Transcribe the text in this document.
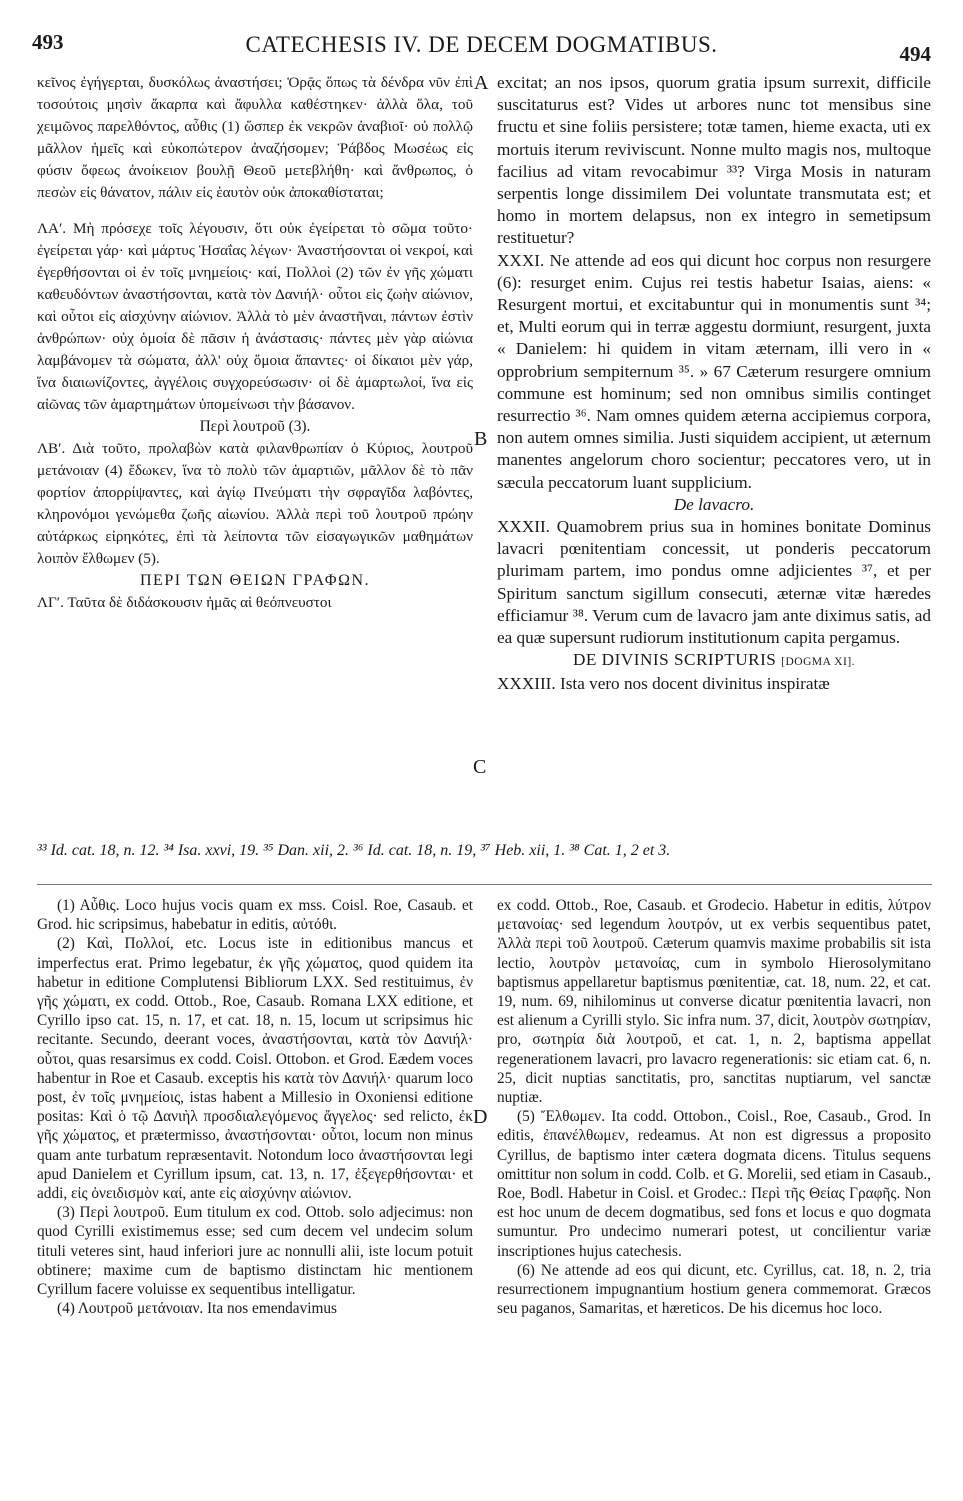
493	CATECHESIS IV. DE DECEM DOGMATIBUS.	494
A
B
C
D

κεῖνος ἐγήγερται, δυσκόλως ἀναστήσει; Ὁρᾷς ὅπως τὰ δένδρα νῦν ἐπὶ τοσούτοις μησὶν ἄκαρπα καὶ ἄφυλλα καθέστηκεν· ἀλλὰ ὅλα, τοῦ χειμῶνος παρελθόντος, αὖθις (1) ὥσπερ ἐκ νεκρῶν ἀναβιοῖ· οὐ πολλῷ μᾶλλον ἡμεῖς καὶ εὐκοπώτερον ἀναζήσομεν; Ῥάβδος Μωσέως εἰς φύσιν ὄφεως ἀνοίκειον βουλῇ Θεοῦ μετεβλήθη· καὶ ἄνθρωπος, ὁ πεσὼν εἰς θάνατον, πάλιν εἰς ἑαυτὸν οὐκ ἀποκαθίσταται;

ΛΑʹ. Μὴ πρόσεχε τοῖς λέγουσιν, ὅτι οὐκ ἐγείρεται τὸ σῶμα τοῦτο· ἐγείρεται γάρ· καὶ μάρτυς Ἡσαΐας λέγων· Ἀναστήσονται οἱ νεκροί, καὶ ἐγερθήσονται οἱ ἐν τοῖς μνημείοις· καί, Πολλοὶ (2) τῶν ἐν γῆς χώματι καθευδόντων ἀναστήσονται, κατὰ τὸν Δανιήλ· οὗτοι εἰς ζωὴν αἰώνιον, καὶ οὗτοι εἰς αἰσχύνην αἰώνιον. Ἀλλὰ τὸ μὲν ἀναστῆναι, πάντων ἐστὶν ἀνθρώπων· οὐχ ὁμοία δὲ πᾶσιν ἡ ἀνάστασις· πάντες μὲν γὰρ αἰώνια λαμβάνομεν τὰ σώματα, ἀλλ' οὐχ ὅμοια ἅπαντες· οἱ δίκαιοι μὲν γάρ, ἵνα διαιωνίζοντες, ἀγγέλοις συγχορεύσωσιν· οἱ δὲ ἁμαρτωλοί, ἵνα εἰς αἰῶνας τῶν ἁμαρτημάτων ὑπομείνωσι τὴν βάσανον.

Περὶ λουτροῦ (3).

ΛΒʹ. Διὰ τοῦτο, προλαβὼν κατὰ φιλανθρωπίαν ὁ Κύριος, λουτροῦ μετάνοιαν (4) ἔδωκεν, ἵνα τὸ πολὺ τῶν ἁμαρτιῶν, μᾶλλον δὲ τὸ πᾶν φορτίον ἀπορρίψαντες, καὶ ἁγίῳ Πνεύματι τὴν σφραγῖδα λαβόντες, κληρονόμοι γενώμεθα ζωῆς αἰωνίου. Ἀλλὰ περὶ τοῦ λουτροῦ πρώην αὐτάρκως εἰρηκότες, ἐπὶ τὰ λείποντα τῶν εἰσαγωγικῶν μαθημάτων λοιπὸν ἔλθωμεν (5).

ΠΕΡΙ ΤΩΝ ΘΕΙΩΝ ΓΡΑΦΩΝ.

ΛΓʹ. Ταῦτα δὲ διδάσκουσιν ἡμᾶς αἱ θεόπνευστοι

excitat; an nos ipsos, quorum gratia ipsum surrexit, difficile suscitaturus est? Vides ut arbores nunc tot mensibus sine fructu et sine foliis persistere; totæ tamen, hieme exacta, uti ex mortuis iterum reviviscunt. Nonne multo magis nos, multoque facilius ad vitam revocabimur ³³? Virga Mosis in naturam serpentis longe dissimilem Dei voluntate transmutata est; et homo in mortem delapsus, non ex integro in semetipsum restituetur?

XXXI. Ne attende ad eos qui dicunt hoc corpus non resurgere (6): resurget enim. Cujus rei testis habetur Isaias, aiens: « Resurgent mortui, et excitabuntur qui in monumentis sunt ³⁴; et, Multi eorum qui in terræ aggestu dormiunt, resurgent, juxta « Danielem: hi quidem in vitam æternam, illi vero in « opprobrium sempiternum ³⁵. » 67 Cæterum resurgere omnium commune est hominum; sed non omnibus similis continget resurrectio ³⁶. Nam omnes quidem æterna accipiemus corpora, non autem omnes similia. Justi siquidem accipient, ut æternum manentes angelorum choro socientur; peccatores vero, ut in sæcula peccatorum luant supplicium.

De lavacro.

XXXII. Quamobrem prius sua in homines bonitate Dominus lavacri pœnitentiam concessit, ut ponderis peccatorum plurimam partem, imo pondus omne adjicientes ³⁷, et per Spiritum sanctum sigillum consecuti, æternæ vitæ hæredes efficiamur ³⁸. Verum cum de lavacro jam ante diximus satis, ad ea quæ supersunt rudiorum institutionum capita pergamus.

DE DIVINIS SCRIPTURIS [DOGMA XI].

XXXIII. Ista vero nos docent divinitus inspiratæ

³³ Id. cat. 18, n. 12. ³⁴ Isa. xxvi, 19. ³⁵ Dan. xii, 2. ³⁶ Id. cat. 18, n. 19, ³⁷ Heb. xii, 1. ³⁸ Cat. 1, 2 et 3.

(1) Αὖθις. Loco hujus vocis quam ex mss. Coisl. Roe, Casaub. et Grod. hic scripsimus, habebatur in editis, αὐτόθι.

(2) Καὶ, Πολλοί, etc. Locus iste in editionibus mancus et imperfectus erat. Primo legebatur, ἐκ γῆς χώματος, quod quidem ita habetur in editione Complutensi Bibliorum LXX. Sed restituimus, ἐν γῆς χώματι, ex codd. Ottob., Roe, Casaub. Romana LXX editione, et Cyrillo ipso cat. 15, n. 17, et cat. 18, n. 15, locum ut scripsimus hic recitante. Secundo, deerant voces, ἀναστήσονται, κατὰ τὸν Δανιήλ· οὗτοι, quas resarsimus ex codd. Coisl. Ottobon. et Grod. Eædem voces habentur in Roe et Casaub. exceptis his κατὰ τὸν Δανιήλ· quarum loco post, ἐν τοῖς μνημείοις, istas habent a Millesio in Oxoniensi editione positas: Καὶ ὁ τῷ Δανιὴλ προσδιαλεγόμενος ἄγγελος· sed relicto, ἐκ γῆς χώματος, et prætermisso, ἀναστήσονται· οὗτοι, locum non minus quam ante turbatum repræsentavit. Notondum loco ἀναστήσονται legi apud Danielem et Cyrillum ipsum, cat. 13, n. 17, ἐξεγερθήσονται· et addi, εἰς ὀνειδισμὸν καί, ante εἰς αἰσχύνην αἰώνιον.

(3) Περὶ λουτροῦ. Eum titulum ex cod. Ottob. solo adjecimus: non quod Cyrilli existimemus esse; sed cum decem vel undecim solum tituli veteres sint, haud inferiori jure ac nonnulli alii, iste locum potuit obtinere; maxime cum de baptismo distinctam hic mentionem Cyrillum facere voluisse ex sequentibus intelligatur.

(4) Λουτροῦ μετάνοιαν. Ita nos emendavimus

ex codd. Ottob., Roe, Casaub. et Grodecio. Habetur in editis, λύτρον μετανοίας· sed legendum λουτρόν, ut ex verbis sequentibus patet, Ἀλλὰ περὶ τοῦ λουτροῦ. Cæterum quamvis maxime probabilis sit ista lectio, λουτρὸν μετανοίας, cum in symbolo Hierosolymitano baptismus appellaretur baptismus pœnitentiæ, cat. 18, num. 22, et cat. 19, num. 69, nihilominus ut converse dicatur pœnitentia lavacri, non est alienum a Cyrilli stylo. Sic infra num. 37, dicit, λουτρὸν σωτηρίαν, pro, σωτηρία διὰ λουτροῦ, et cat. 1, n. 2, baptisma appellat regenerationem lavacri, pro lavacro regenerationis: sic etiam cat. 6, n. 25, dicit nuptias sanctitatis, pro, sanctitas nuptiarum, vel sanctæ nuptiæ.

(5) Ἔλθωμεν. Ita codd. Ottobon., Coisl., Roe, Casaub., Grod. In editis, ἐπανέλθωμεν, redeamus. At non est digressus a proposito Cyrillus, de baptismo inter cætera dogmata dicens. Titulus sequens omittitur non solum in codd. Colb. et G. Morelii, sed etiam in Casaub., Roe, Bodl. Habetur in Coisl. et Grodec.: Περὶ τῆς Θείας Γραφῆς. Non est hoc unum de decem dogmatibus, sed fons et locus e quo dogmata sumuntur. Pro undecimo numerari potest, ut concilientur variæ inscriptiones hujus catechesis.

(6) Ne attende ad eos qui dicunt, etc. Cyrillus, cat. 18, n. 2, tria resurrectionem impugnantium hostium genera commemorat. Græcos seu paganos, Samaritas, et hæreticos. De his dicemus hoc loco.
